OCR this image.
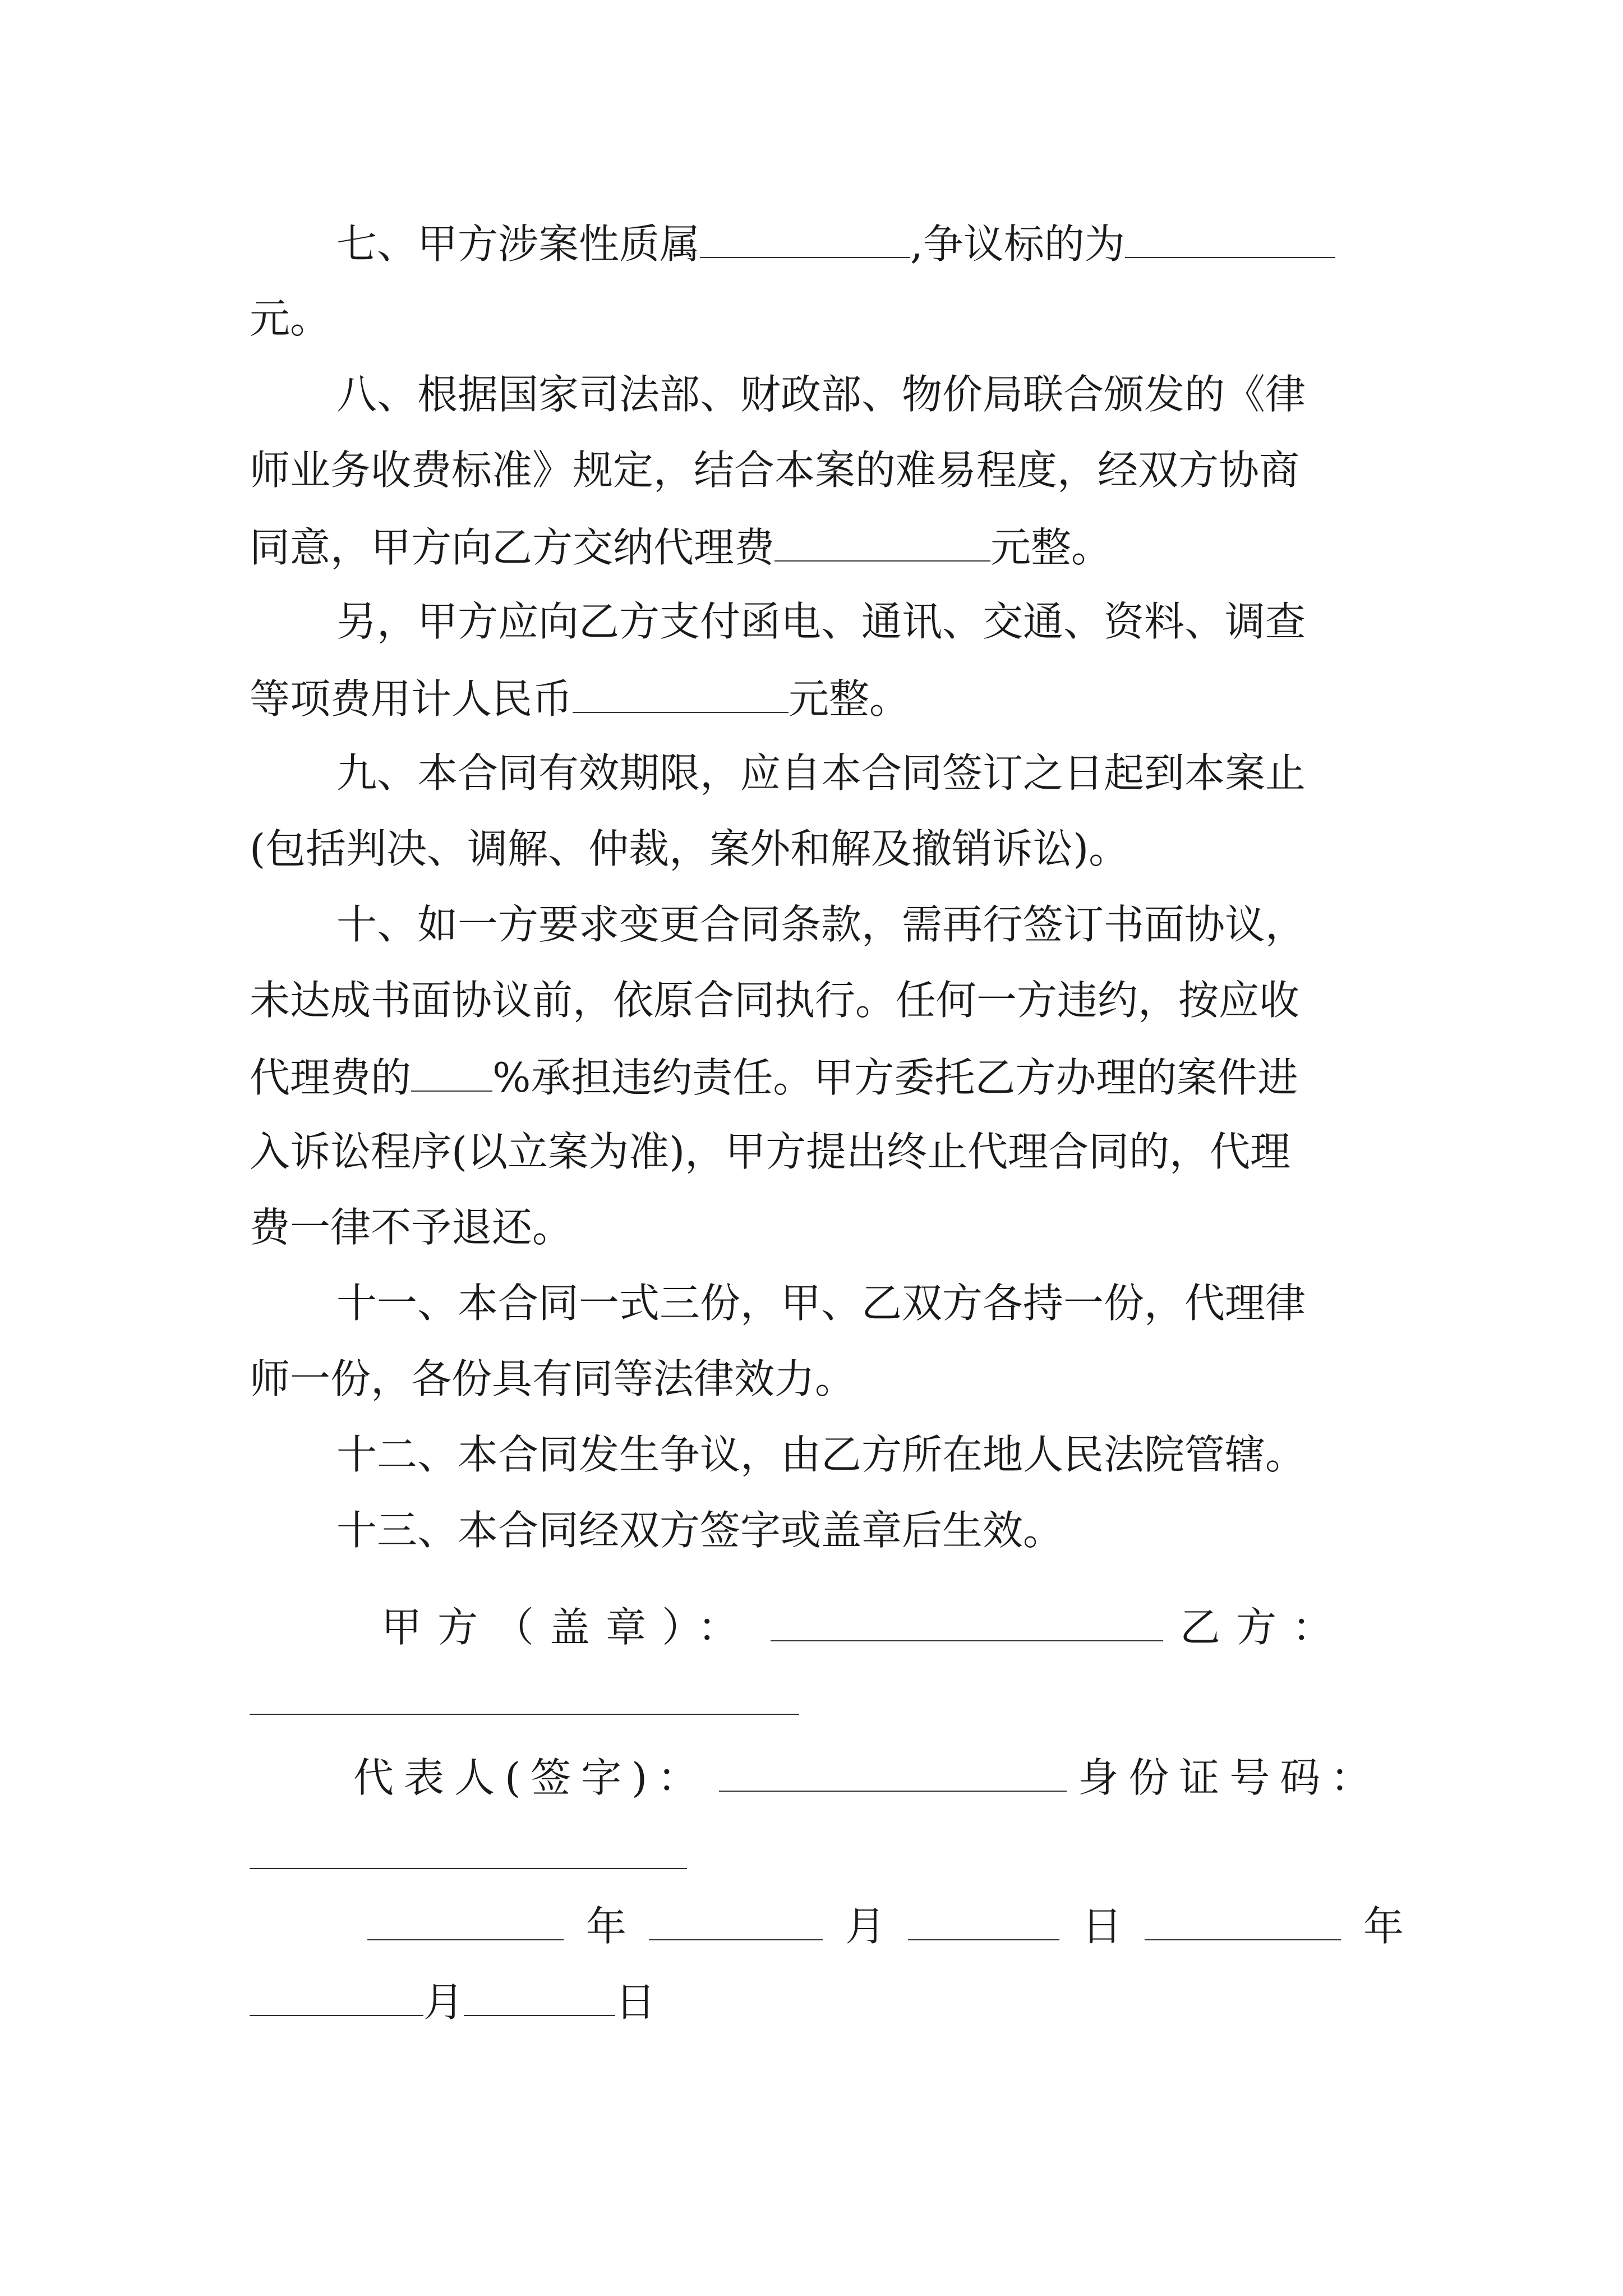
七、甲方涉案性质属	,争议标的为
元。
八、根据国家司法部、财政部、物价局联合颁发的《律
师业务收费标准》规定，结合本案的难易程度，经双方协商
同意，甲方向乙方交纳代理费	元整。
另，甲方应向乙方支付函电、通讯、交通、资料、调查
等项费用计人民币	元整。
九、本合同有效期限，应自本合同签订之日起到本案止
(包括判决、调解、仲裁，案外和解及撤销诉讼)。
十、如一方要求变更合同条款，需再行签订书面协议，
未达成书面协议前，依原合同执行。任何一方违约，按应收
代理费的 %承担违约责任。甲方委托乙方办理的案件进
入诉讼程序(以立案为准)，甲方提出终止代理合同的，代理
费一律不予退还。
十一、本合同一式三份，甲、乙双方各持一份，代理律
师一份，各份具有同等法律效力。
十二、本合同发生争议，由乙方所在地人民法院管辖。
十三、本合同经双方签字或盖章后生效。
甲方（盖章）：	乙方：
代表人(签字)：	身份证号码：
年	月	日	年
月	日
